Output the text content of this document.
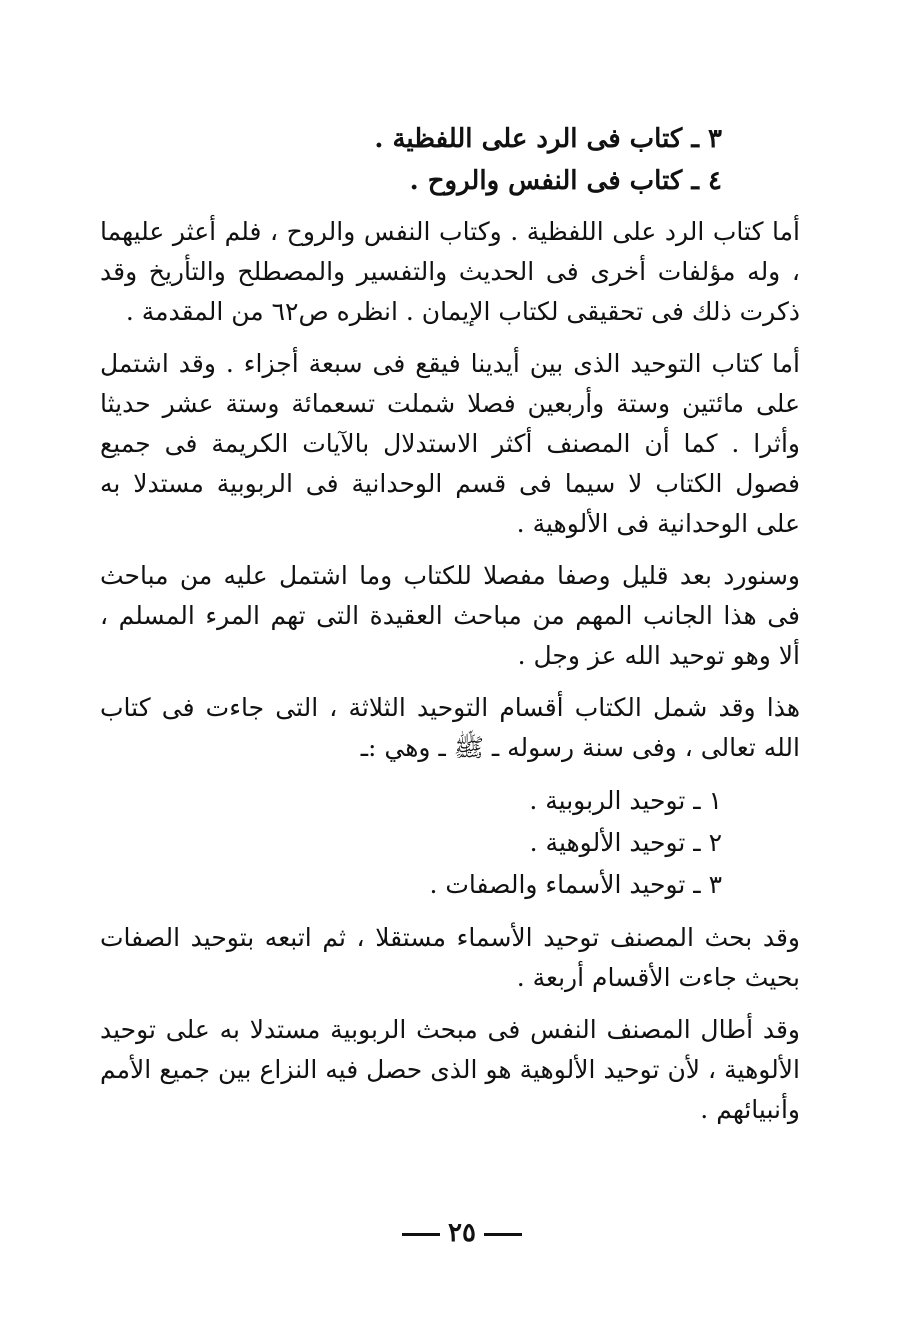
٣ ـ كتاب فى الرد على اللفظية .

٤ ـ كتاب فى النفس والروح .

أما كتاب الرد على اللفظية . وكتاب النفس والروح ، فلم أعثر عليهما ، وله مؤلفات أخرى فى الحديث والتفسير والمصطلح والتأريخ وقد ذكرت ذلك فى تحقيقى لكتاب الإيمان . انظره ص٦٢ من المقدمة .

أما كتاب التوحيد الذى بين أيدينا فيقع فى سبعة أجزاء . وقد اشتمل على مائتين وستة وأربعين فصلا شملت تسعمائة وستة عشر حديثا وأثرا . كما أن المصنف أكثر الاستدلال بالآيات الكريمة فى جميع فصول الكتاب لا سيما فى قسم الوحدانية فى الربوبية مستدلا به على الوحدانية فى الألوهية .

وسنورد بعد قليل وصفا مفصلا للكتاب وما اشتمل عليه من مباحث فى هذا الجانب المهم من مباحث العقيدة التى تهم المرء المسلم ، ألا وهو توحيد الله عز وجل .

هذا وقد شمل الكتاب أقسام التوحيد الثلاثة ، التى جاءت فى كتاب الله تعالى ، وفى سنة رسوله ـ ﷺ ـ وهي :ـ

١ ـ توحيد الربوبية .
٢ ـ توحيد الألوهية .
٣ ـ توحيد الأسماء والصفات .

وقد بحث المصنف توحيد الأسماء مستقلا ، ثم اتبعه بتوحيد الصفات بحيث جاءت الأقسام أربعة .

وقد أطال المصنف النفس فى مبحث الربوبية مستدلا به على توحيد الألوهية ، لأن توحيد الألوهية هو الذى حصل فيه النزاع بين جميع الأمم وأنبيائهم .

٢٥
